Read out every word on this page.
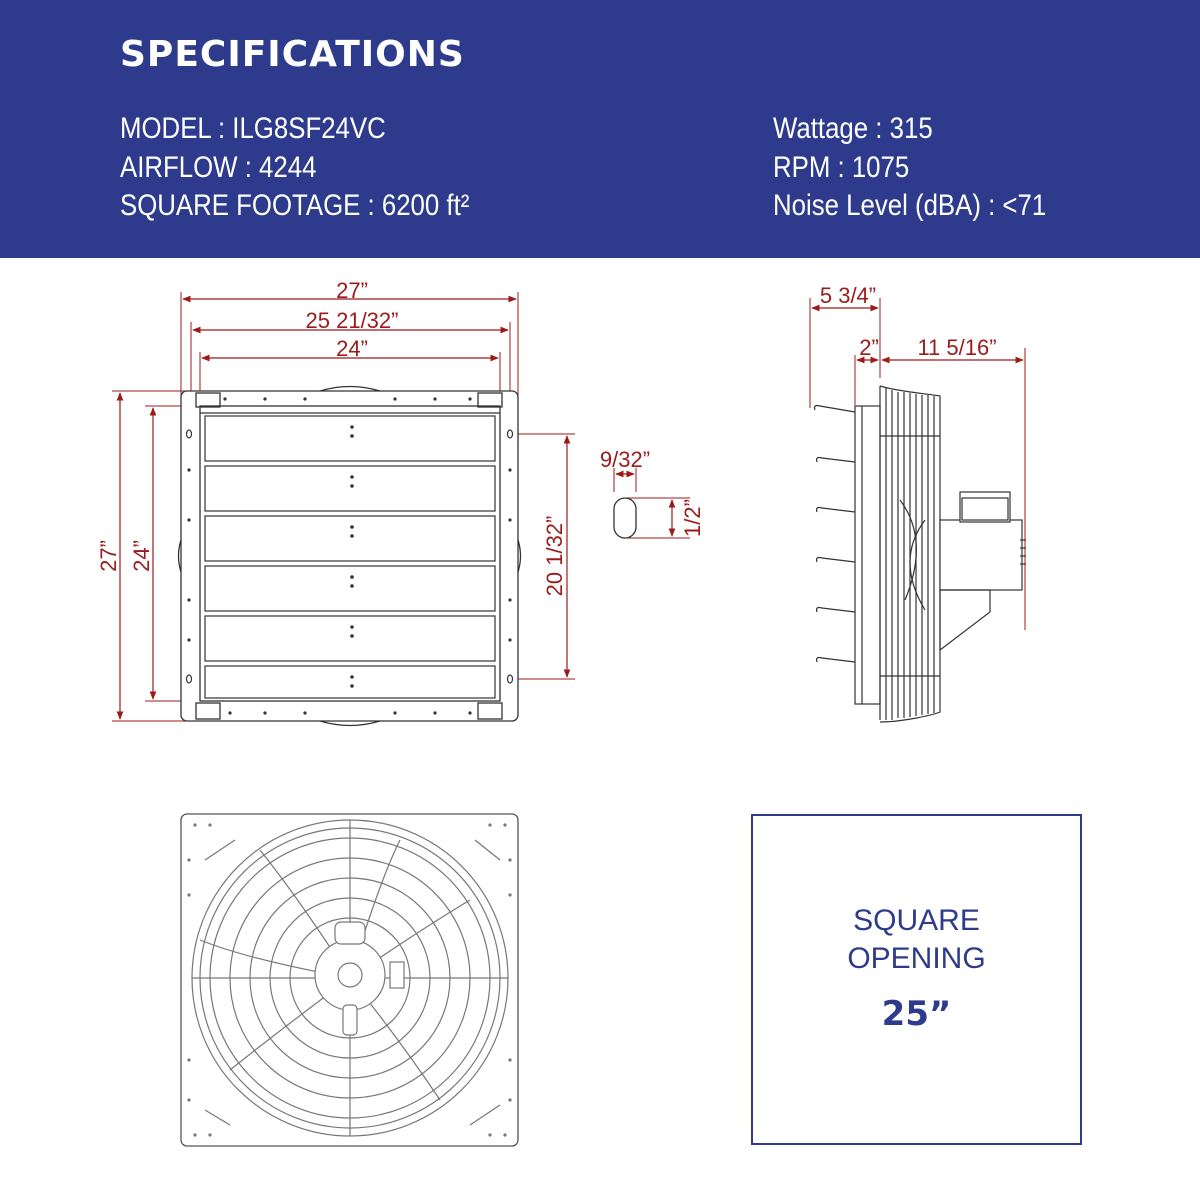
SPECIFICATIONS
MODEL : ILG8SF24VC
AIRFLOW : 4244
SQUARE FOOTAGE : 6200 ft²
Wattage : 315
RPM : 1075
Noise Level (dBA) : <71
27”
25 21/32”
24”
27” 24”	20 1/32”
9/32”
1/2”
5 3/4”
2” 11 5/16”
SQUARE
OPENING
25”
